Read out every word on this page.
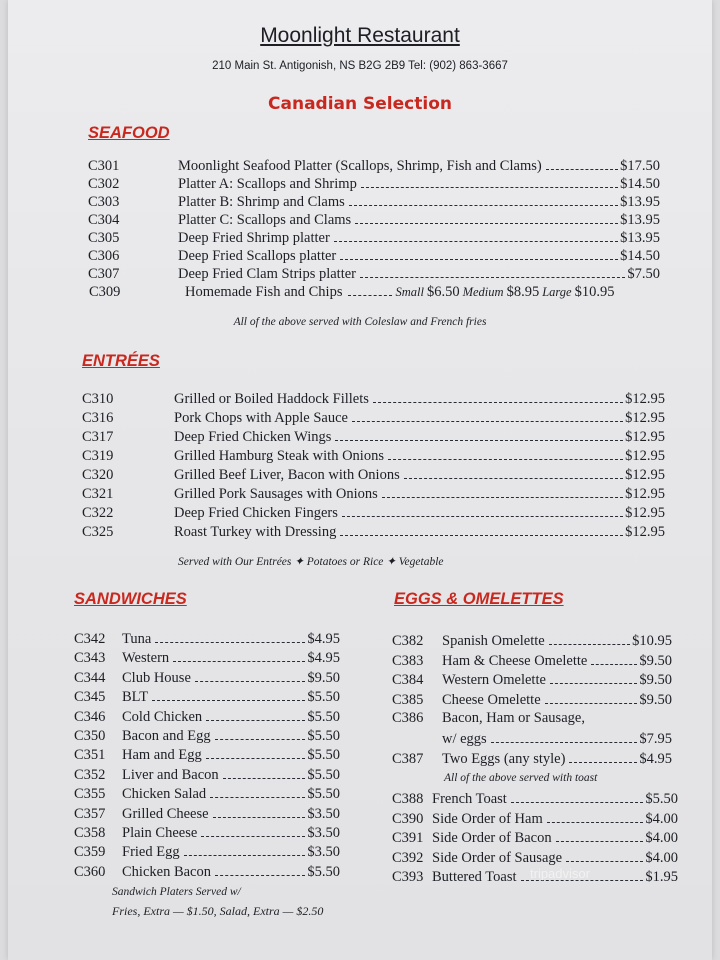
Moonlight Restaurant
210 Main St. Antigonish, NS B2G 2B9 Tel: (902) 863-3667
Canadian Selection
SEAFOOD
C301	Moonlight Seafood Platter (Scallops, Shrimp, Fish and Clams)	$17.50
C302	Platter A: Scallops and Shrimp	$14.50
C303	Platter B: Shrimp and Clams	$13.95
C304	Platter C: Scallops and Clams	$13.95
C305	Deep Fried Shrimp platter	$13.95
C306	Deep Fried Scallops platter	$14.50
C307	Deep Fried Clam Strips platter	$7.50
C309	Homemade Fish and Chips	Small $6.50 Medium $8.95 Large $10.95
All of the above served with Coleslaw and French fries
ENTRÉES
C310	Grilled or Boiled Haddock Fillets	$12.95
C316	Pork Chops with Apple Sauce	$12.95
C317	Deep Fried Chicken Wings	$12.95
C319	Grilled Hamburg Steak with Onions	$12.95
C320	Grilled Beef Liver, Bacon with Onions	$12.95
C321	Grilled Pork Sausages with Onions	$12.95
C322	Deep Fried Chicken Fingers	$12.95
C325	Roast Turkey with Dressing	$12.95
Served with Our Entrées ✦ Potatoes or Rice ✦ Vegetable
SANDWICHES
C342	Tuna	$4.95
C343	Western	$4.95
C344	Club House	$9.50
C345	BLT	$5.50
C346	Cold Chicken	$5.50
C350	Bacon and Egg	$5.50
C351	Ham and Egg	$5.50
C352	Liver and Bacon	$5.50
C355	Chicken Salad	$5.50
C357	Grilled Cheese	$3.50
C358	Plain Cheese	$3.50
C359	Fried Egg	$3.50
C360	Chicken Bacon	$5.50
Sandwich Platers Served w/
Fries, Extra — $1.50, Salad, Extra — $2.50
EGGS & OMELETTES
C382	Spanish Omelette	$10.95
C383	Ham & Cheese Omelette	$9.50
C384	Western Omelette	$9.50
C385	Cheese Omelette	$9.50
C386 Bacon, Ham or Sausage,
w/ eggs	$7.95
C387	Two Eggs (any style)	$4.95
All of the above served with toast
C388 French Toast	$5.50
C390 Side Order of Ham	$4.00
C391 Side Order of Bacon	$4.00
C392 Side Order of Sausage	$4.00
C393 Buttered Toast	$1.95
tripadvisor
